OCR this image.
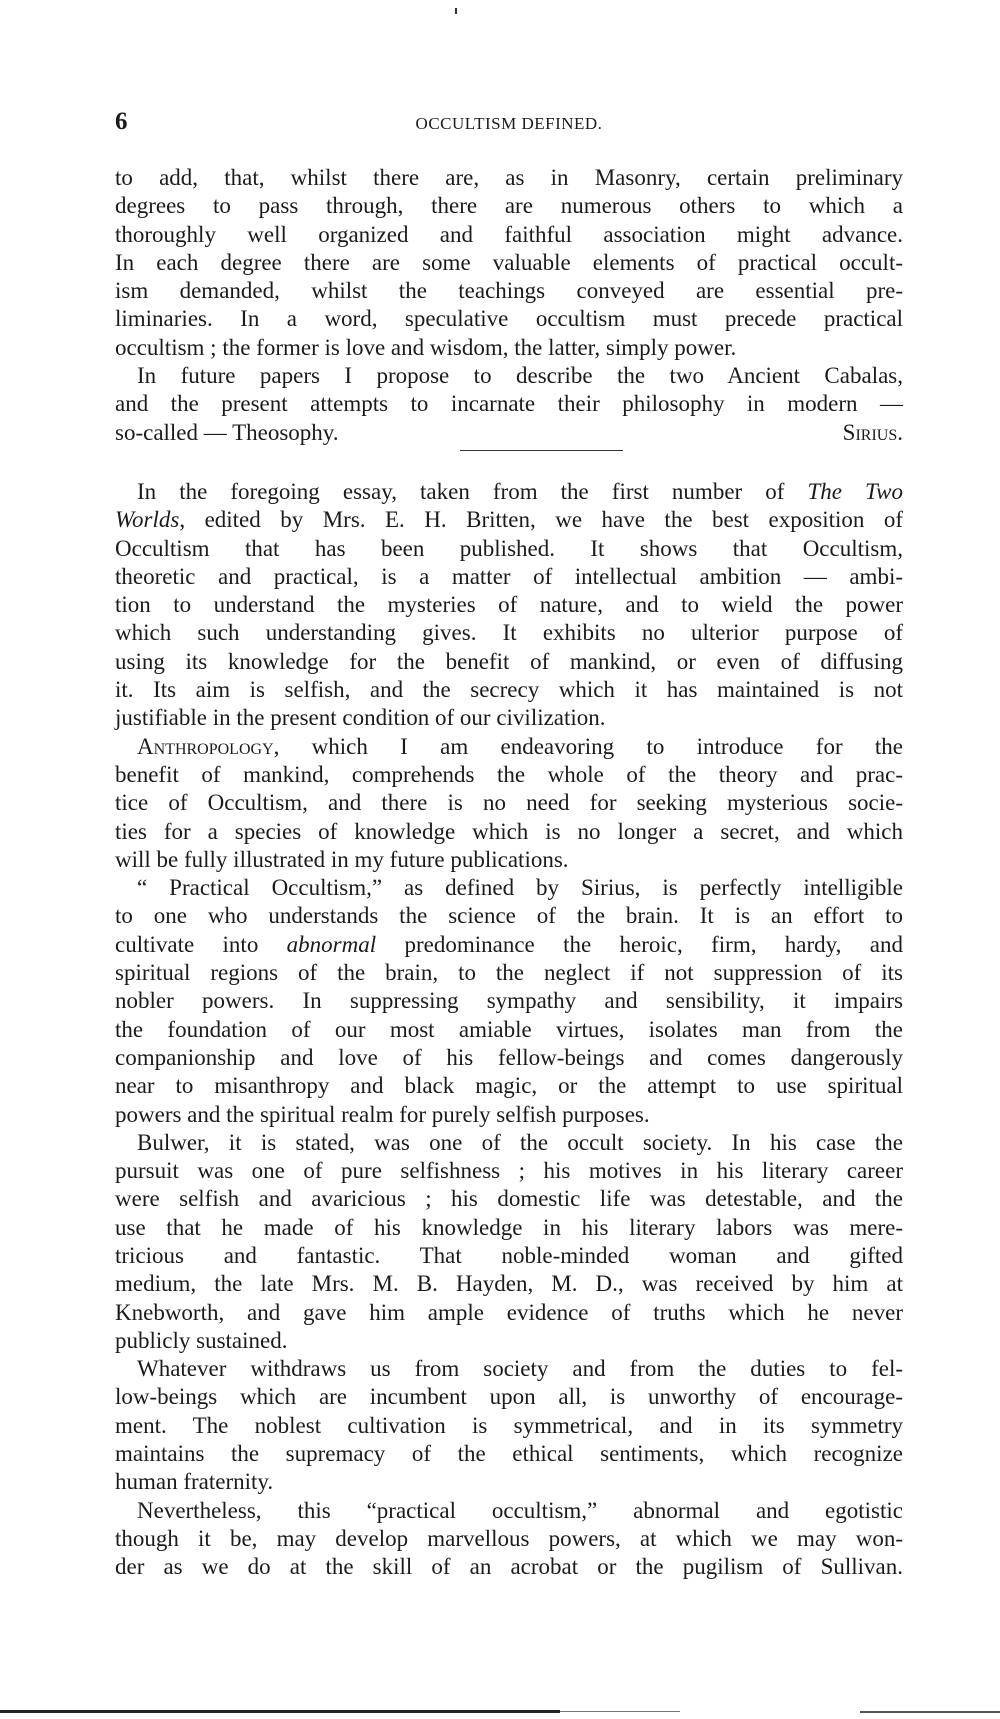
6	OCCULTISM DEFINED.
to add, that, whilst there are, as in Masonry, certain preliminary
degrees to pass through, there are numerous others to which a
thoroughly well organized and faithful association might advance.
In each degree there are some valuable elements of practical occult-
ism demanded, whilst the teachings conveyed are essential pre-
liminaries. In a word, speculative occultism must precede practical
occultism ; the former is love and wisdom, the latter, simply power.
In future papers I propose to describe the two Ancient Cabalas,
and the present attempts to incarnate their philosophy in modern —
so-called — Theosophy.	Sirius.
In the foregoing essay, taken from the first number of The Two
Worlds, edited by Mrs. E. H. Britten, we have the best exposition of
Occultism that has been published. It shows that Occultism,
theoretic and practical, is a matter of intellectual ambition — ambi-
tion to understand the mysteries of nature, and to wield the power
which such understanding gives. It exhibits no ulterior purpose of
using its knowledge for the benefit of mankind, or even of diffusing
it. Its aim is selfish, and the secrecy which it has maintained is not
justifiable in the present condition of our civilization.
Anthropology, which I am endeavoring to introduce for the
benefit of mankind, comprehends the whole of the theory and prac-
tice of Occultism, and there is no need for seeking mysterious socie-
ties for a species of knowledge which is no longer a secret, and which
will be fully illustrated in my future publications.
“ Practical Occultism,” as defined by Sirius, is perfectly intelligible
to one who understands the science of the brain. It is an effort to
cultivate into abnormal predominance the heroic, firm, hardy, and
spiritual regions of the brain, to the neglect if not suppression of its
nobler powers. In suppressing sympathy and sensibility, it impairs
the foundation of our most amiable virtues, isolates man from the
companionship and love of his fellow-beings and comes dangerously
near to misanthropy and black magic, or the attempt to use spiritual
powers and the spiritual realm for purely selfish purposes.
Bulwer, it is stated, was one of the occult society. In his case the
pursuit was one of pure selfishness ; his motives in his literary career
were selfish and avaricious ; his domestic life was detestable, and the
use that he made of his knowledge in his literary labors was mere-
tricious and fantastic. That noble-minded woman and gifted
medium, the late Mrs. M. B. Hayden, M. D., was received by him at
Knebworth, and gave him ample evidence of truths which he never
publicly sustained.
Whatever withdraws us from society and from the duties to fel-
low-beings which are incumbent upon all, is unworthy of encourage-
ment. The noblest cultivation is symmetrical, and in its symmetry
maintains the supremacy of the ethical sentiments, which recognize
human fraternity.
Nevertheless, this “practical occultism,” abnormal and egotistic
though it be, may develop marvellous powers, at which we may won-
der as we do at the skill of an acrobat or the pugilism of Sullivan.
